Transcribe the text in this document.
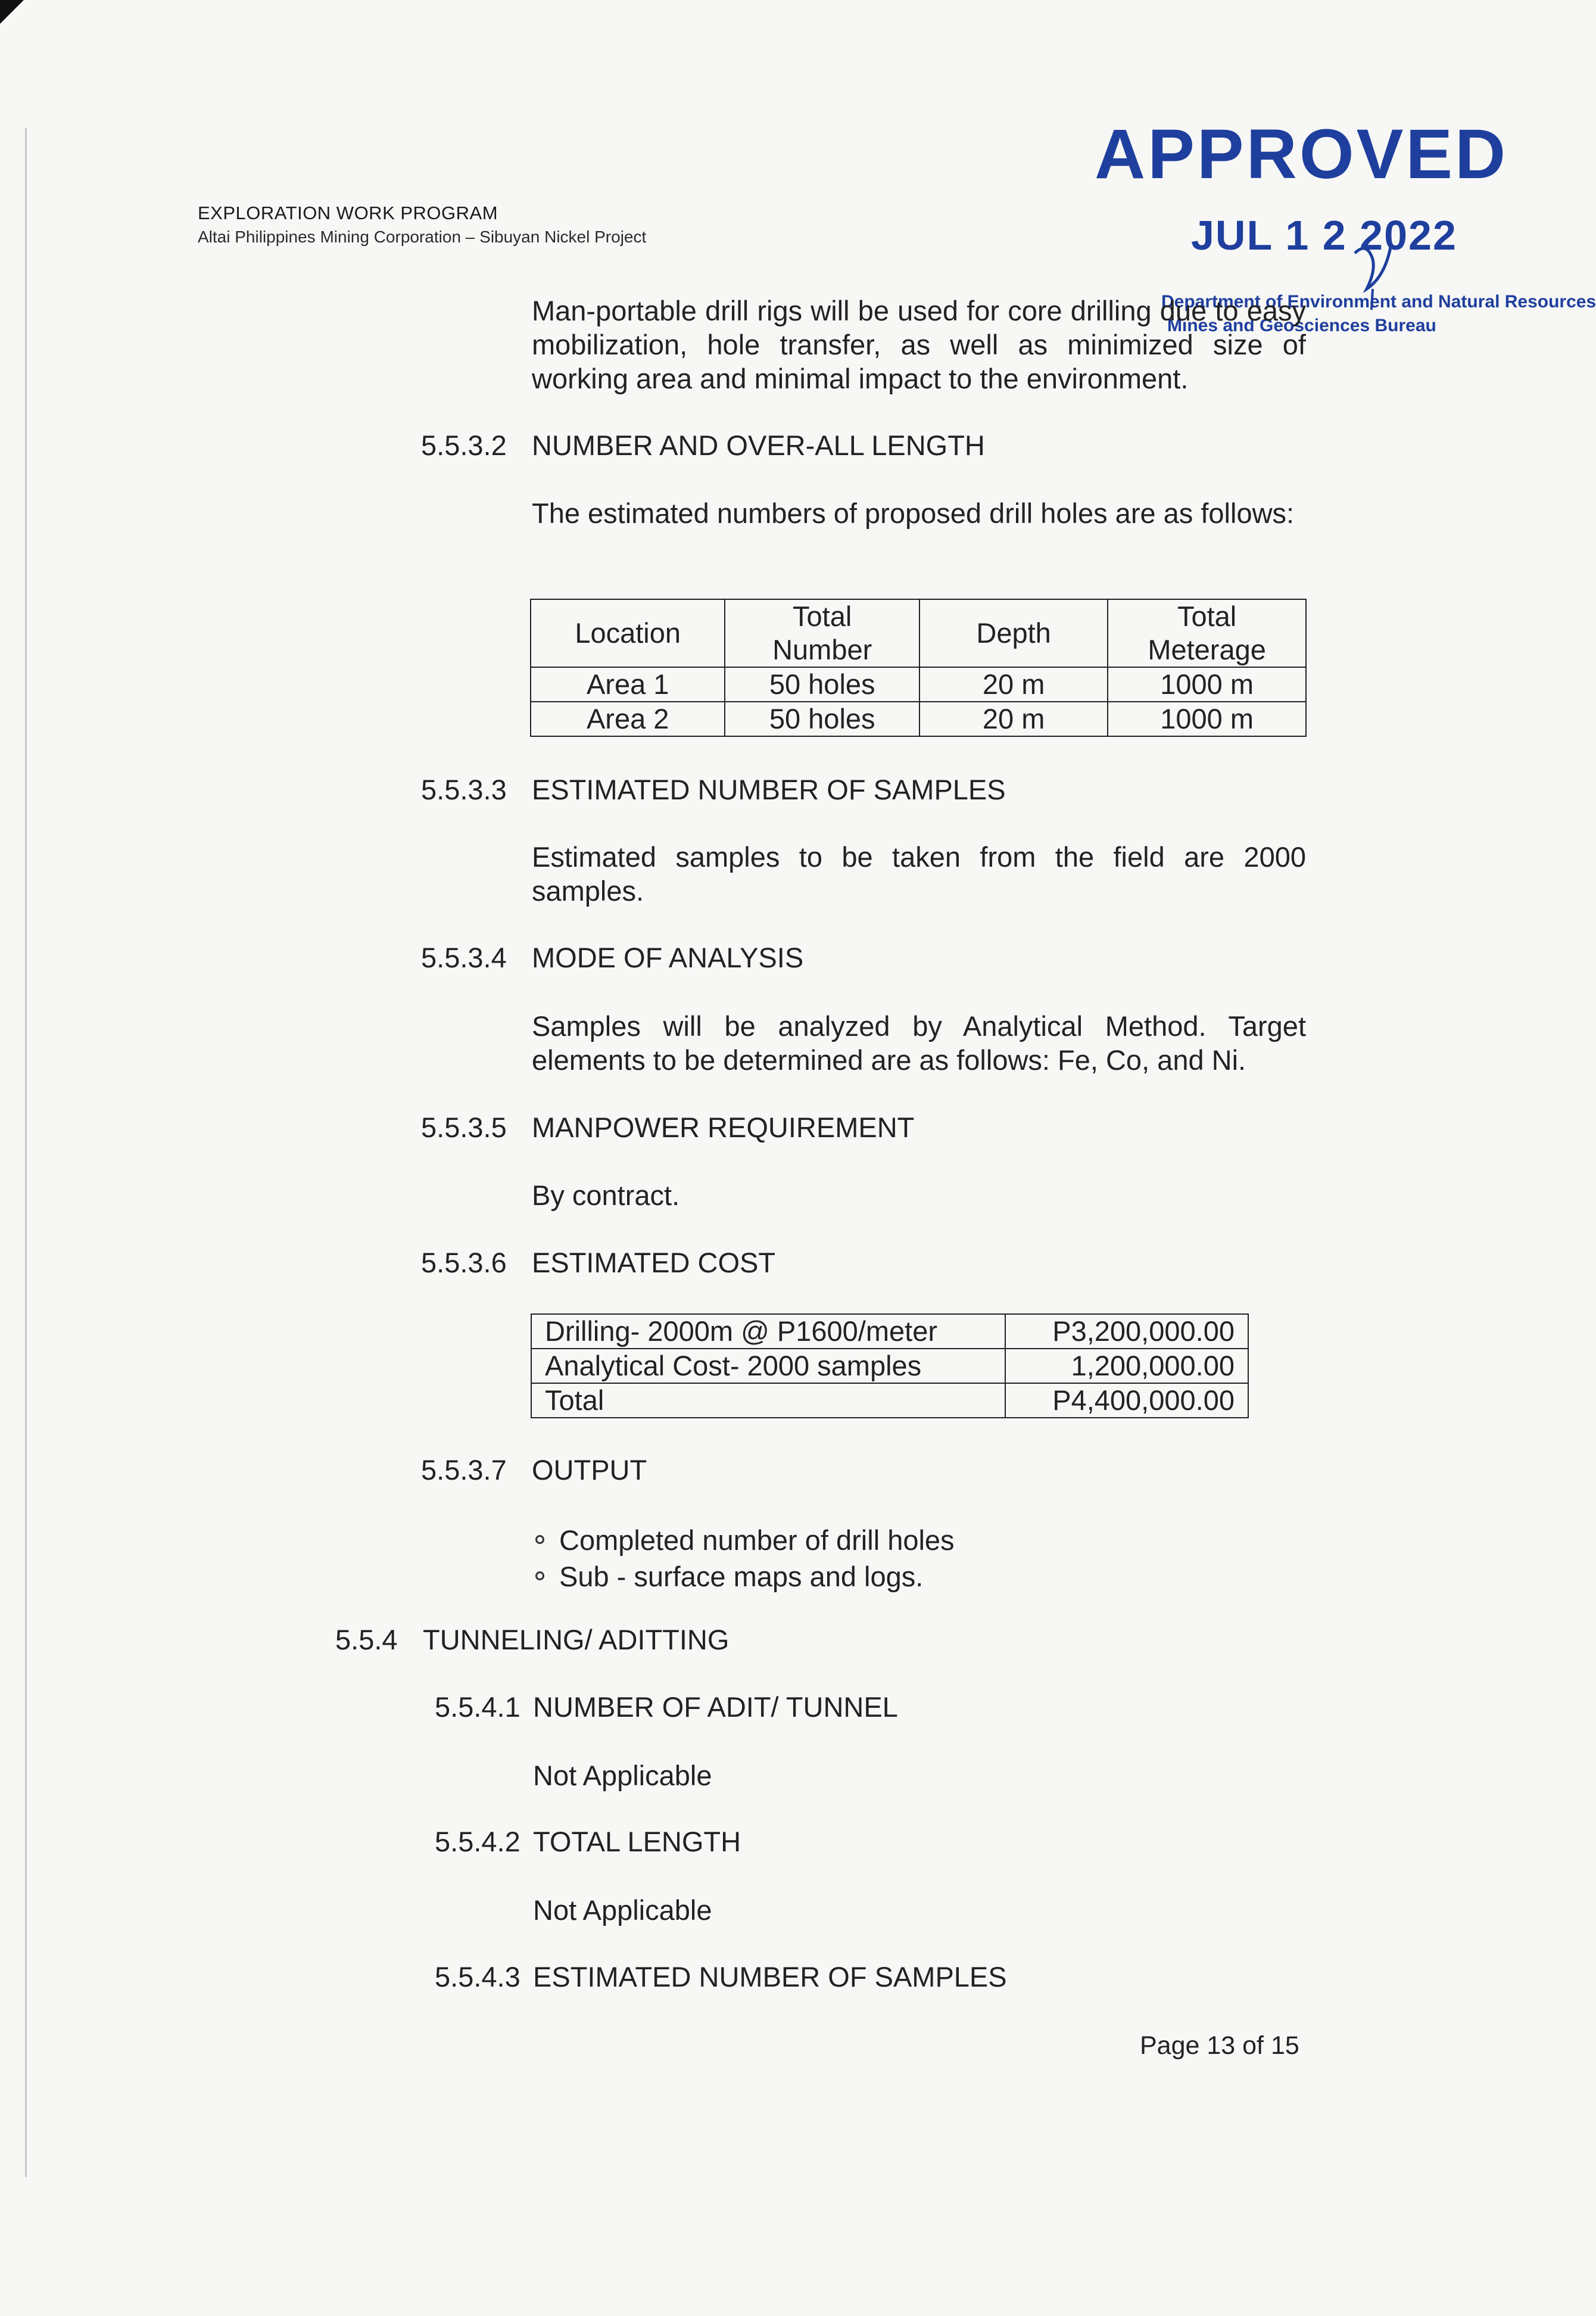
EXPLORATION WORK PROGRAM
Altai Philippines Mining Corporation – Sibuyan Nickel Project
APPROVED
JUL 1 2 2022
Department of Environment and Natural Resources
Mines and Geosciences Bureau
Man-portable drill rigs will be used for core drilling due to easy mobilization, hole transfer, as well as minimized size of working area and minimal impact to the environment.
5.5.3.2 NUMBER AND OVER-ALL LENGTH
The estimated numbers of proposed drill holes are as follows:
Location	Total Number	Depth	Total Meterage
Area 1	50 holes	20 m	1000 m
Area 2	50 holes	20 m	1000 m
5.5.3.3 ESTIMATED NUMBER OF SAMPLES
Estimated samples to be taken from the field are 2000 samples.
5.5.3.4 MODE OF ANALYSIS
Samples will be analyzed by Analytical Method. Target elements to be determined are as follows: Fe, Co, and Ni.
5.5.3.5 MANPOWER REQUIREMENT
By contract.
5.5.3.6 ESTIMATED COST
Drilling- 2000m @ P1600/meter	P3,200,000.00
Analytical Cost- 2000 samples	1,200,000.00
Total	P4,400,000.00
5.5.3.7 OUTPUT
Completed number of drill holes
Sub - surface maps and logs.
5.5.4 TUNNELING/ ADITTING
5.5.4.1 NUMBER OF ADIT/ TUNNEL
Not Applicable
5.5.4.2 TOTAL LENGTH
Not Applicable
5.5.4.3 ESTIMATED NUMBER OF SAMPLES
Page 13 of 15
